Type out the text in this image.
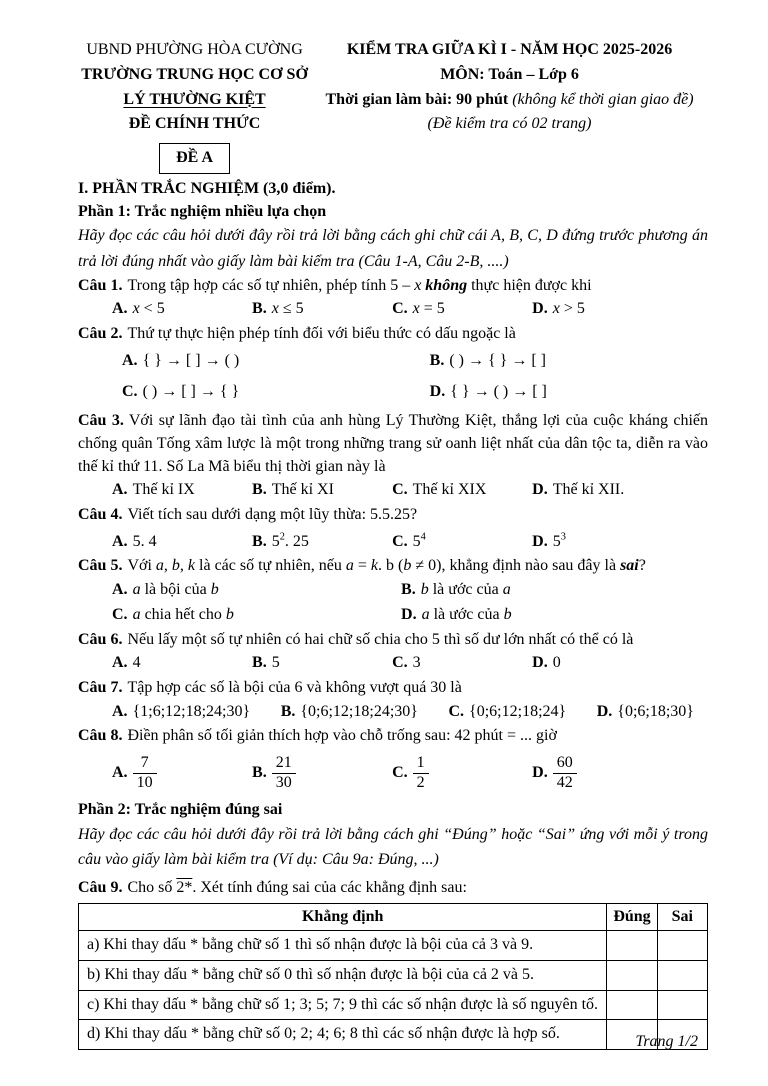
UBND PHƯỜNG HÒA CƯỜNG
TRƯỜNG TRUNG HỌC CƠ SỞ
LÝ THƯỜNG KIỆT
ĐỀ CHÍNH THỨC
ĐỀ A
KIỂM TRA GIỮA KÌ I - NĂM HỌC 2025-2026
MÔN: Toán – Lớp 6
Thời gian làm bài: 90 phút (không kể thời gian giao đề)
(Đề kiểm tra có 02 trang)
I. PHẦN TRẮC NGHIỆM (3,0 điểm).
Phần 1: Trắc nghiệm nhiều lựa chọn

Hãy đọc các câu hỏi dưới đây rồi trả lời bằng cách ghi chữ cái A, B, C, D đứng trước phương án trả lời đúng nhất vào giấy làm bài kiểm tra (Câu 1-A, Câu 2-B, ....)

Câu 1. Trong tập hợp các số tự nhiên, phép tính 5 – x không thực hiện được khi

A. x < 5	B. x ≤ 5	C. x = 5	D. x > 5

Câu 2. Thứ tự thực hiện phép tính đối với biểu thức có dấu ngoặc là

A. { } → [ ] → ( )	B. ( ) → { } → [ ]
C. ( ) → [ ] → { }	D. { } → ( ) → [ ]

Câu 3. Với sự lãnh đạo tài tình của anh hùng Lý Thường Kiệt, thắng lợi của cuộc kháng chiến chống quân Tống xâm lược là một trong những trang sử oanh liệt nhất của dân tộc ta, diễn ra vào thế kỉ thứ 11. Số La Mã biểu thị thời gian này là

A. Thế kỉ IX	B. Thế kỉ XI	C. Thế kỉ XIX	D. Thế kỉ XII.

Câu 4. Viết tích sau dưới dạng một lũy thừa: 5.5.25?

A. 5. 4	B. $5^2$. 25	C. $5^4$	D. $5^3$

Câu 5. Với a, b, k là các số tự nhiên, nếu a = k. b (b ≠ 0), khẳng định nào sau đây là sai?

A. a là bội của b	B. b là ước của a
C. a chia hết cho b	D. a là ước của b

Câu 6. Nếu lấy một số tự nhiên có hai chữ số chia cho 5 thì số dư lớn nhất có thể có là

A. 4	B. 5	C. 3	D. 0

Câu 7. Tập hợp các số là bội của 6 và không vượt quá 30 là

A. {1;6;12;18;24;30} B. {0;6;12;18;24;30} C. {0;6;12;18;24} D. {0;6;18;30}

Câu 8. Điền phân số tối giản thích hợp vào chỗ trống sau: 42 phút = ... giờ

A. $\frac{7}{10}$	B. $\frac{21}{30}$	C. $\frac{1}{2}$	D. $\frac{60}{42}$
Phần 2: Trắc nghiệm đúng sai

Hãy đọc các câu hỏi dưới đây rồi trả lời bằng cách ghi “Đúng” hoặc “Sai” ứng với mỗi ý trong câu vào giấy làm bài kiểm tra (Ví dụ: Câu 9a: Đúng, ...)

Câu 9. Cho số 2*. Xét tính đúng sai của các khẳng định sau:

Khẳng định	Đúng	Sai
a) Khi thay dấu * bằng chữ số 1 thì số nhận được là bội của cả 3 và 9.		
b) Khi thay dấu * bằng chữ số 0 thì số nhận được là bội của cả 2 và 5.		
c) Khi thay dấu * bằng chữ số 1; 3; 5; 7; 9 thì các số nhận được là số nguyên tố.		
d) Khi thay dấu * bằng chữ số 0; 2; 4; 6; 8 thì các số nhận được là hợp số.			Trang 1/2
